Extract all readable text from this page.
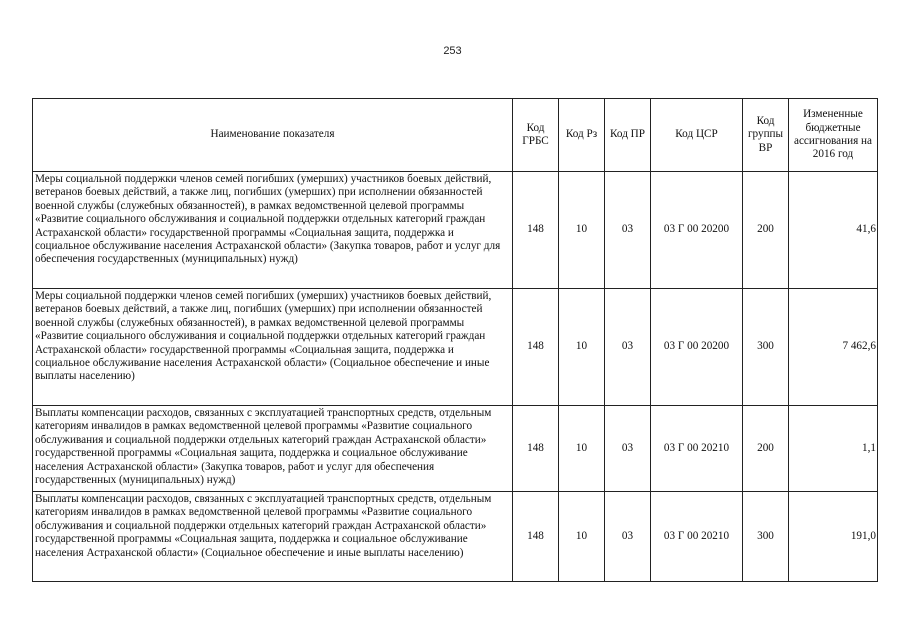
253
Наименование показателя	Код ГРБС	Код Рз	Код ПР	Код ЦСР	Код группы ВР	Измененные бюджетные ассигнования на 2016 год

Меры социальной поддержки членов семей погибших (умерших) участников боевых действий, ветеранов боевых действий, а также лиц, погибших (умерших) при исполнении обязанностей военной службы (служебных обязанностей), в рамках ведомственной целевой программы «Развитие социального обслуживания и социальной поддержки отдельных категорий граждан Астраханской области» государственной программы «Социальная защита, поддержка и социальное обслуживание населения Астраханской области» (Закупка товаров, работ и услуг для обеспечения государственных (муниципальных) нужд)	148	10	03	03 Г 00 20200	200	41,6
Меры социальной поддержки членов семей погибших (умерших) участников боевых действий, ветеранов боевых действий, а также лиц, погибших (умерших) при исполнении обязанностей военной службы (служебных обязанностей), в рамках ведомственной целевой программы «Развитие социального обслуживания и социальной поддержки отдельных категорий граждан Астраханской области» государственной программы «Социальная защита, поддержка и социальное обслуживание населения Астраханской области» (Социальное обеспечение и иные выплаты населению)	148	10	03	03 Г 00 20200	300	7 462,6
Выплаты компенсации расходов, связанных с эксплуатацией транспортных средств, отдельным категориям инвалидов в рамках ведомственной целевой программы «Развитие социального обслуживания и социальной поддержки отдельных категорий граждан Астраханской области» государственной программы «Социальная защита, поддержка и социальное обслуживание населения Астраханской области» (Закупка товаров, работ и услуг для обеспечения государственных (муниципальных) нужд)	148	10	03	03 Г 00 20210	200	1,1
Выплаты компенсации расходов, связанных с эксплуатацией транспортных средств, отдельным категориям инвалидов в рамках ведомственной целевой программы «Развитие социального обслуживания и социальной поддержки отдельных категорий граждан Астраханской области» государственной программы «Социальная защита, поддержка и социальное обслуживание населения Астраханской области» (Социальное обеспечение и иные выплаты населению)	148	10	03	03 Г 00 20210	300	191,0
